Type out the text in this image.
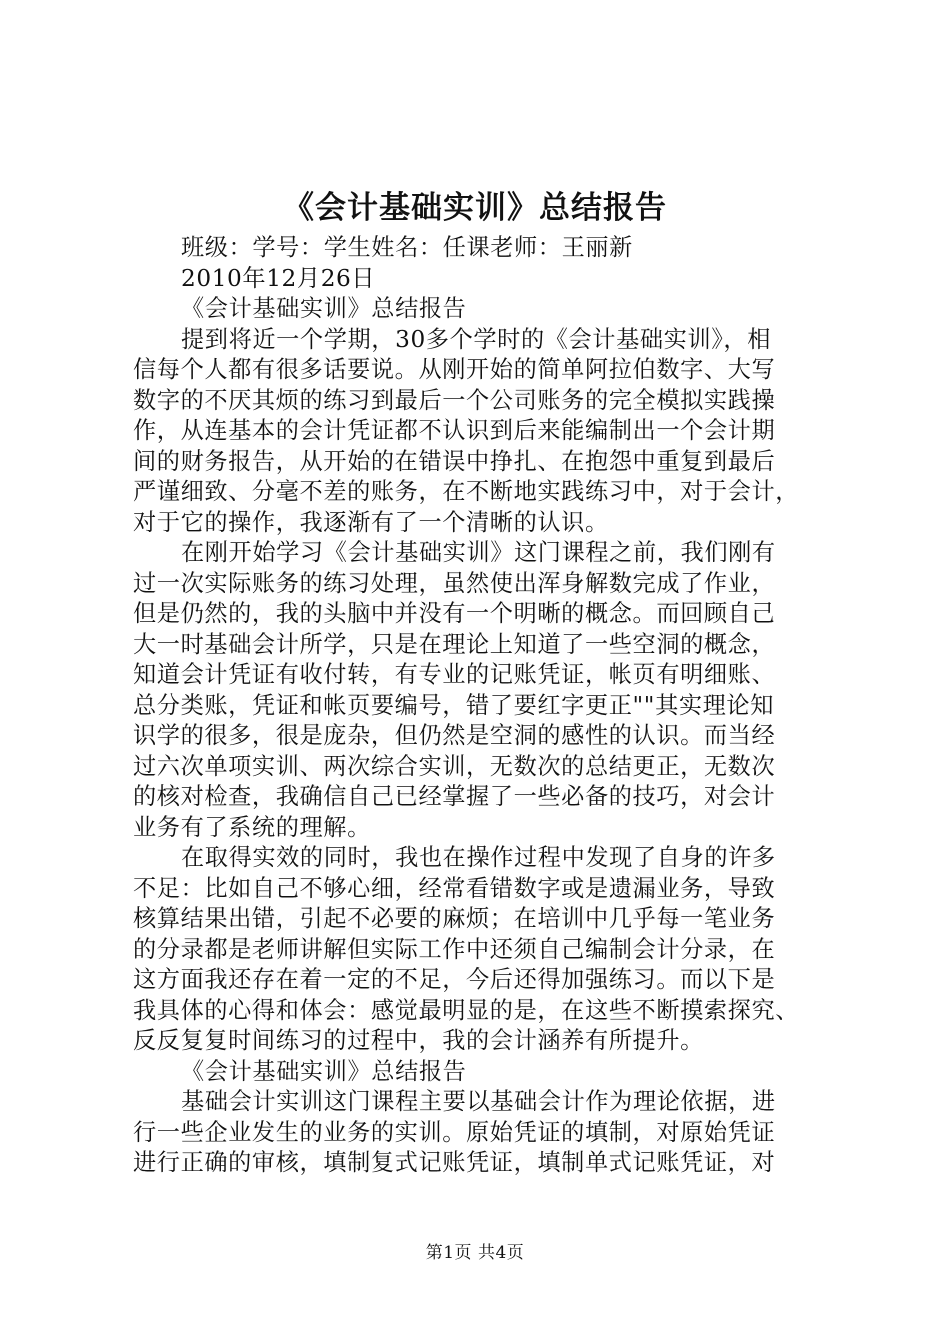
《会计基础实训》总结报告
班级：学号：学生姓名：任课老师：王丽新
2010年12月26日
《会计基础实训》总结报告
提到将近一个学期，30多个学时的《会计基础实训》，相
信每个人都有很多话要说。从刚开始的简单阿拉伯数字、大写
数字的不厌其烦的练习到最后一个公司账务的完全模拟实践操
作，从连基本的会计凭证都不认识到后来能编制出一个会计期
间的财务报告，从开始的在错误中挣扎、在抱怨中重复到最后
严谨细致、分毫不差的账务，在不断地实践练习中，对于会计，
对于它的操作，我逐渐有了一个清晰的认识。
在刚开始学习《会计基础实训》这门课程之前，我们刚有
过一次实际账务的练习处理，虽然使出浑身解数完成了作业，
但是仍然的，我的头脑中并没有一个明晰的概念。而回顾自己
大一时基础会计所学，只是在理论上知道了一些空洞的概念，
知道会计凭证有收付转，有专业的记账凭证，帐页有明细账、
总分类账，凭证和帐页要编号，错了要红字更正""其实理论知
识学的很多，很是庞杂，但仍然是空洞的感性的认识。而当经
过六次单项实训、两次综合实训，无数次的总结更正，无数次
的核对检查，我确信自己已经掌握了一些必备的技巧，对会计
业务有了系统的理解。
在取得实效的同时，我也在操作过程中发现了自身的许多
不足：比如自己不够心细，经常看错数字或是遗漏业务，导致
核算结果出错，引起不必要的麻烦；在培训中几乎每一笔业务
的分录都是老师讲解但实际工作中还须自己编制会计分录，在
这方面我还存在着一定的不足，今后还得加强练习。而以下是
我具体的心得和体会：感觉最明显的是，在这些不断摸索探究、
反反复复时间练习的过程中，我的会计涵养有所提升。
《会计基础实训》总结报告
基础会计实训这门课程主要以基础会计作为理论依据，进
行一些企业发生的业务的实训。原始凭证的填制，对原始凭证
进行正确的审核，填制复式记账凭证，填制单式记账凭证，对
第1页 共4页
